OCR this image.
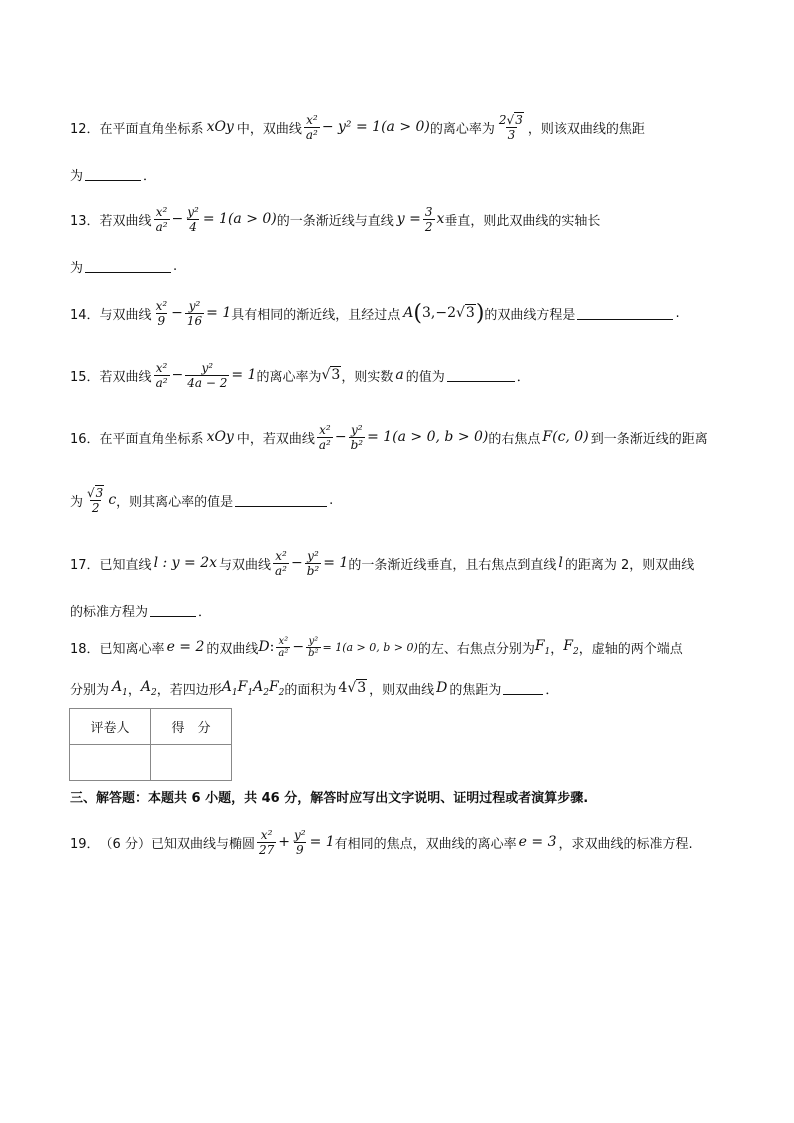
12． 在平面直角坐标系 xOy 中，双曲线 $\frac{\text{x²}}{\text{a²}} - y^2 = 1(a > 0)$ 的离心率为 $\frac{2√3}{3}$ ，则该双曲线的焦距
为	．
13． 若双曲线 $\frac{\text{x²}}{\text{a²}} - \frac{\text{y²}}{4} = 1(a > 0)$ 的一条渐近线与直线 $y = \frac{3}{2}$ x 垂直，则此双曲线的实轴长
为	.
14． 与双曲线 $\frac{\text{x²}}{9} - \frac{\text{y²}}{16} = 1$ 具有相同的渐近线，且经过点 A ( 3,−2√3 ) 的双曲线方程是	.
15． 若双曲线 $\frac{\text{x²}}{\text{a²}} - \frac{\text{y²}}{4a - 2} = 1$ 的离心率为 √3 ，则实数 a 的值为	．
16． 在平面直角坐标系 xOy 中，若双曲线 $\frac{\text{x²}}{\text{a²}} - \frac{\text{y²}}{\text{b²}} = 1(a > 0$, b > 0) 的右焦点 F(c, 0) 到一条渐近线的距离
为 $\frac{√3}{2}$ c ，则其离心率的值是	.
17． 已知直线 l : y = 2x 与双曲线 $\frac{\text{x²}}{\text{a²}} - \frac{\text{y²}}{\text{b²}} = 1$ 的一条渐近线垂直，且右焦点到直线 l 的距离为 2，则双曲线
的标准方程为	．
18． 已知离心率 e = 2 的双曲线 D : $\frac{\text{x²}}{\text{a²}} - \frac{\text{y²}}{\text{b²}} = 1(a > 0$, b > 0) 的左、右焦点分别为 $F_1$ ， $F_2$ ，虚轴的两个端点
分别为 $A_1$ ， $A_2$ ，若四边形 $A_1F_1A_2F_2$ 的面积为 4√3 ，则双曲线 D 的焦距为	．
评卷人	得　分

三、解答题：本题共 6 小题，共 46 分，解答时应写出文字说明、证明过程或者演算步骤.
19． （6 分）已知双曲线与椭圆 $\frac{\text{x²}}{27} + \frac{\text{y²}}{9} = 1$ 有相同的焦点，双曲线的离心率 e = 3 ，求双曲线的标准方程.
